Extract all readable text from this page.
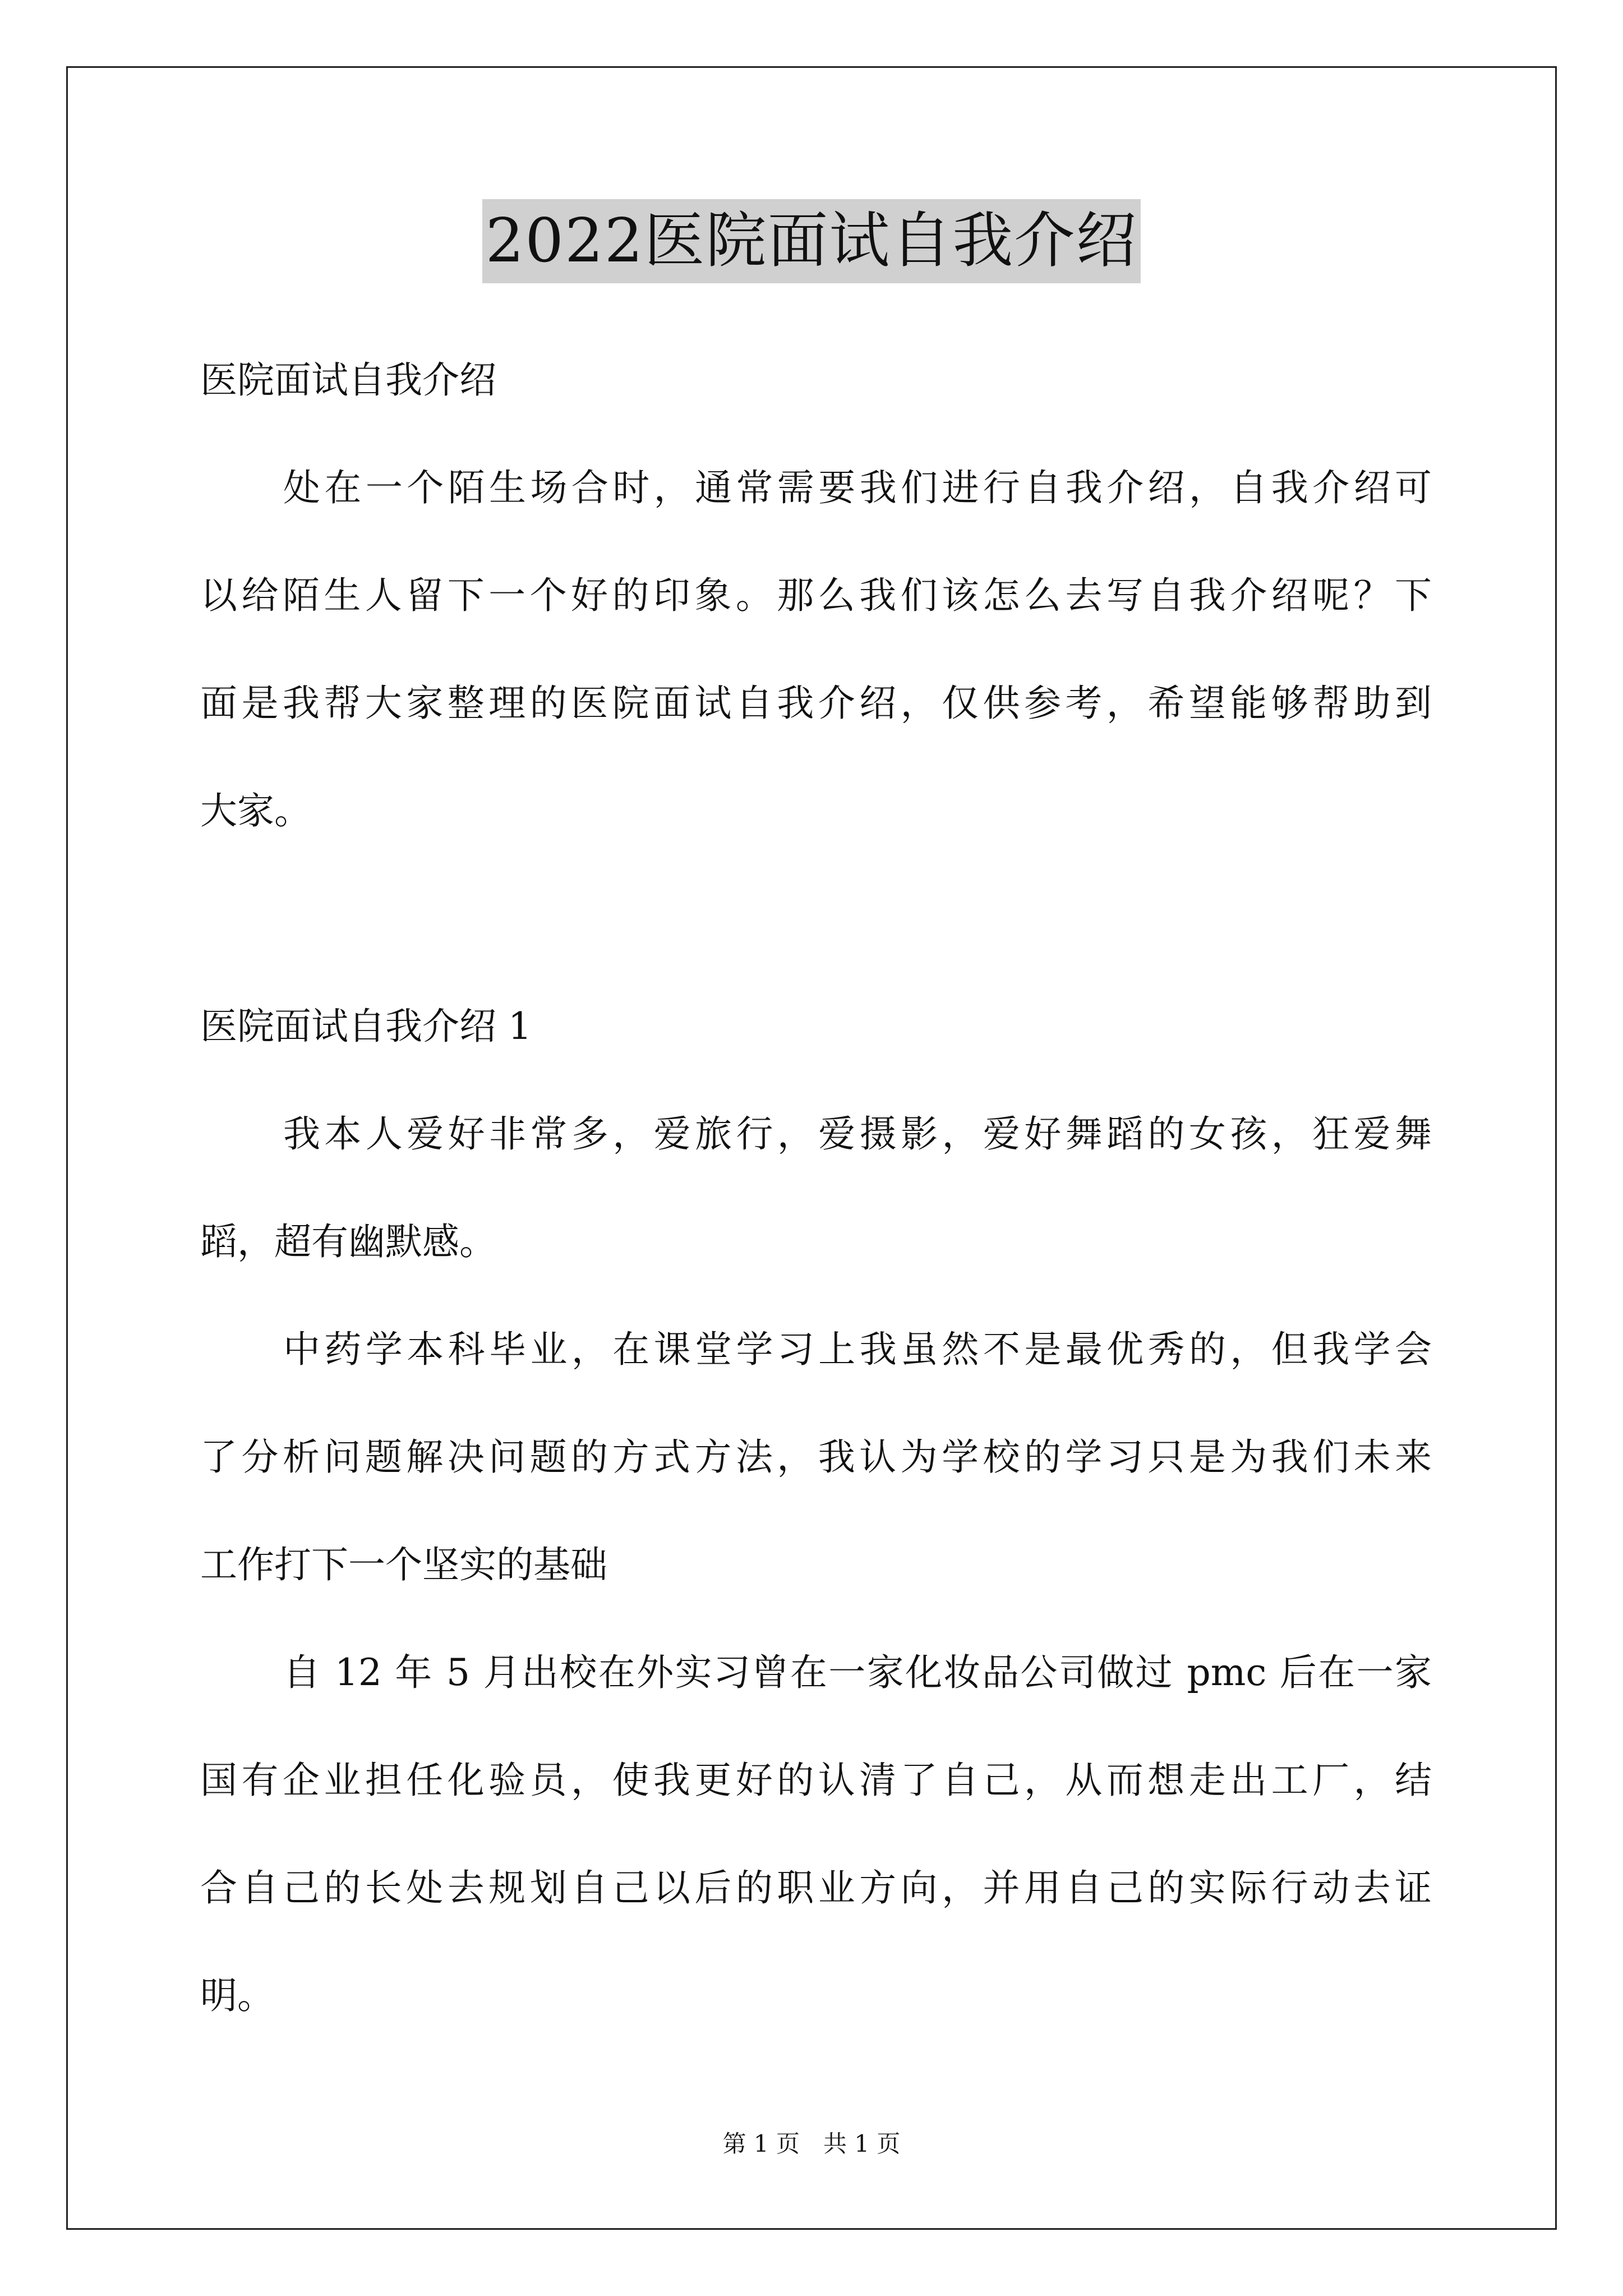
2022医院面试自我介绍
医院面试自我介绍
处在一个陌生场合时，通常需要我们进行自我介绍，自我介绍可
以给陌生人留下一个好的印象。那么我们该怎么去写自我介绍呢？下
面是我帮大家整理的医院面试自我介绍，仅供参考，希望能够帮助到
大家。
医院面试自我介绍 1
我本人爱好非常多，爱旅行，爱摄影，爱好舞蹈的女孩，狂爱舞
蹈，超有幽默感。
中药学本科毕业，在课堂学习上我虽然不是最优秀的，但我学会
了分析问题解决问题的方式方法，我认为学校的学习只是为我们未来
工作打下一个坚实的基础
自 12 年 5 月出校在外实习曾在一家化妆品公司做过 pmc 后在一家
国有企业担任化验员，使我更好的认清了自己，从而想走出工厂，结
合自己的长处去规划自己以后的职业方向，并用自己的实际行动去证
明。
第 1 页　共 1 页
